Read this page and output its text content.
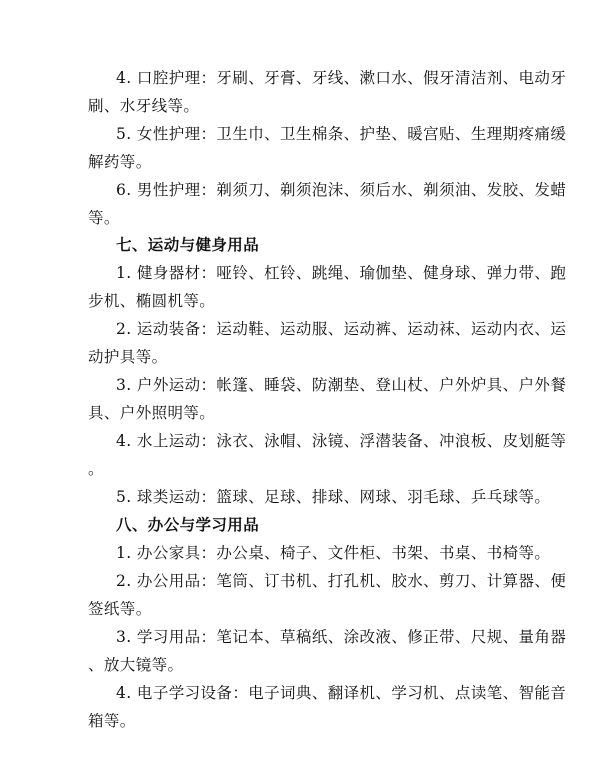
4. 口腔护理：牙刷、牙膏、牙线、漱口水、假牙清洁剂、电动牙
刷、水牙线等。
5. 女性护理：卫生巾、卫生棉条、护垫、暖宫贴、生理期疼痛缓
解药等。
6. 男性护理：剃须刀、剃须泡沫、须后水、剃须油、发胶、发蜡
等。
七、运动与健身用品
1. 健身器材：哑铃、杠铃、跳绳、瑜伽垫、健身球、弹力带、跑
步机、椭圆机等。
2. 运动装备：运动鞋、运动服、运动裤、运动袜、运动内衣、运
动护具等。
3. 户外运动：帐篷、睡袋、防潮垫、登山杖、户外炉具、户外餐
具、户外照明等。
4. 水上运动：泳衣、泳帽、泳镜、浮潜装备、冲浪板、皮划艇等
。
5. 球类运动：篮球、足球、排球、网球、羽毛球、乒乓球等。
八、办公与学习用品
1. 办公家具：办公桌、椅子、文件柜、书架、书桌、书椅等。
2. 办公用品：笔筒、订书机、打孔机、胶水、剪刀、计算器、便
签纸等。
3. 学习用品：笔记本、草稿纸、涂改液、修正带、尺规、量角器
、放大镜等。
4. 电子学习设备：电子词典、翻译机、学习机、点读笔、智能音
箱等。
